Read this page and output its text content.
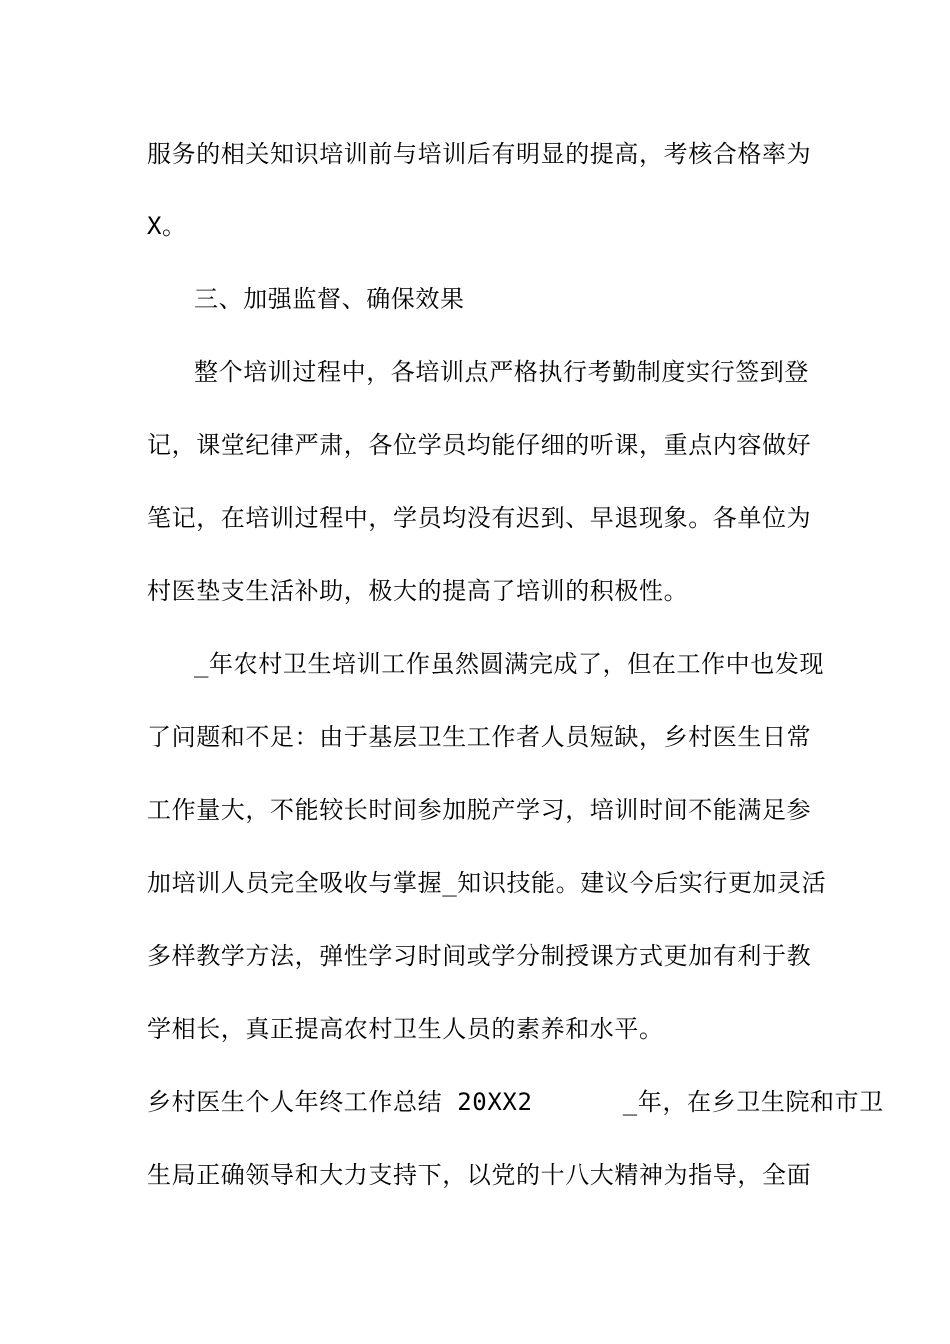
服务的相关知识培训前与培训后有明显的提高，考核合格率为
X。
三、加强监督、确保效果
整个培训过程中，各培训点严格执行考勤制度实行签到登
记，课堂纪律严肃，各位学员均能仔细的听课，重点内容做好
笔记，在培训过程中，学员均没有迟到、早退现象。各单位为
村医垫支生活补助，极大的提高了培训的积极性。
_年农村卫生培训工作虽然圆满完成了，但在工作中也发现
了问题和不足：由于基层卫生工作者人员短缺，乡村医生日常
工作量大，不能较长时间参加脱产学习，培训时间不能满足参
加培训人员完全吸收与掌握_知识技能。建议今后实行更加灵活
多样教学方法，弹性学习时间或学分制授课方式更加有利于教
学相长，真正提高农村卫生人员的素养和水平。
乡村医生个人年终工作总结 20XX2      _年，在乡卫生院和市卫
生局正确领导和大力支持下，以党的十八大精神为指导，全面
